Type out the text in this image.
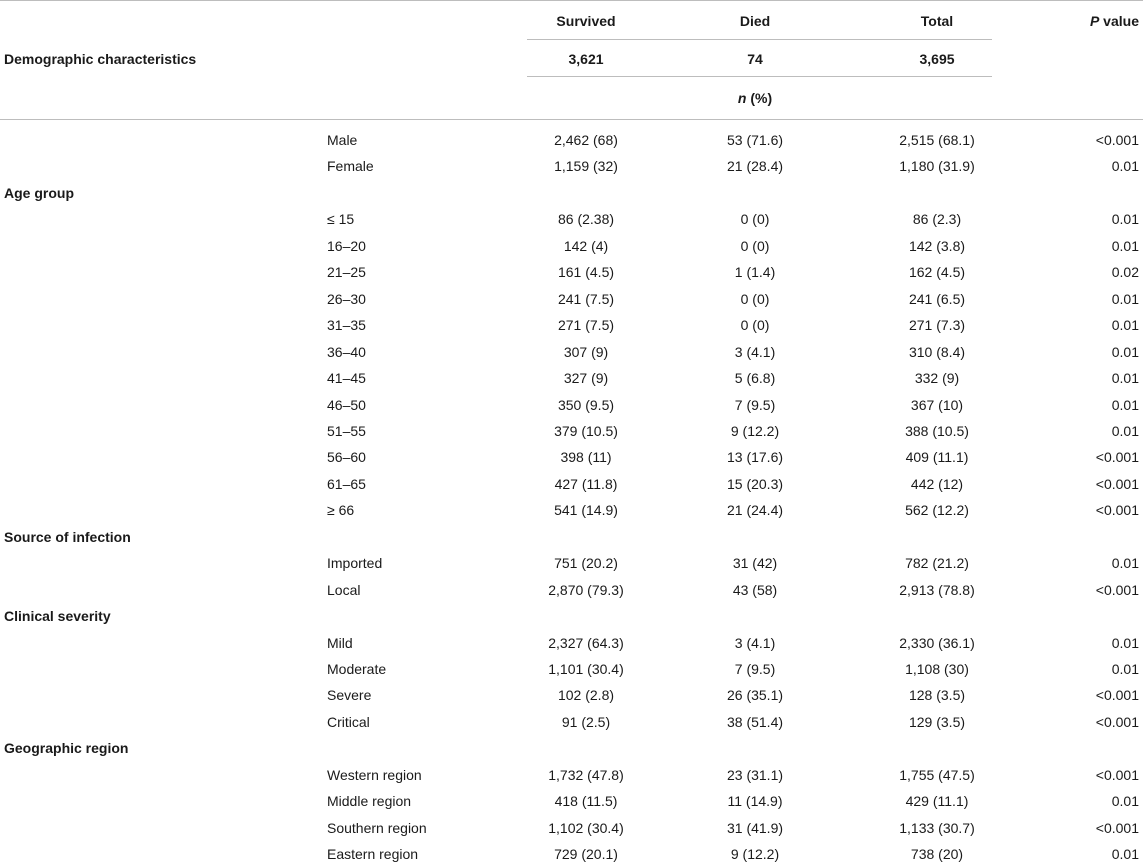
Survived	Died	Total	P value
Demographic characteristics	3,621	74	3,695
n (%)
Male	2,462 (68)	53 (71.6)	2,515 (68.1)	<0.001
Female	1,159 (32)	21 (28.4)	1,180 (31.9)	0.01
Age group
≤ 15	86 (2.38)	0 (0)	86 (2.3)	0.01
16–20	142 (4)	0 (0)	142 (3.8)	0.01
21–25	161 (4.5)	1 (1.4)	162 (4.5)	0.02
26–30	241 (7.5)	0 (0)	241 (6.5)	0.01
31–35	271 (7.5)	0 (0)	271 (7.3)	0.01
36–40	307 (9)	3 (4.1)	310 (8.4)	0.01
41–45	327 (9)	5 (6.8)	332 (9)	0.01
46–50	350 (9.5)	7 (9.5)	367 (10)	0.01
51–55	379 (10.5)	9 (12.2)	388 (10.5)	0.01
56–60	398 (11)	13 (17.6)	409 (11.1)	<0.001
61–65	427 (11.8)	15 (20.3)	442 (12)	<0.001
≥ 66	541 (14.9)	21 (24.4)	562 (12.2)	<0.001
Source of infection
Imported	751 (20.2)	31 (42)	782 (21.2)	0.01
Local	2,870 (79.3)	43 (58)	2,913 (78.8)	<0.001
Clinical severity
Mild	2,327 (64.3)	3 (4.1)	2,330 (36.1)	0.01
Moderate	1,101 (30.4)	7 (9.5)	1,108 (30)	0.01
Severe	102 (2.8)	26 (35.1)	128 (3.5)	<0.001
Critical	91 (2.5)	38 (51.4)	129 (3.5)	<0.001
Geographic region
Western region	1,732 (47.8)	23 (31.1)	1,755 (47.5)	<0.001
Middle region	418 (11.5)	11 (14.9)	429 (11.1)	0.01
Southern region	1,102 (30.4)	31 (41.9)	1,133 (30.7)	<0.001
Eastern region	729 (20.1)	9 (12.2)	738 (20)	0.01
